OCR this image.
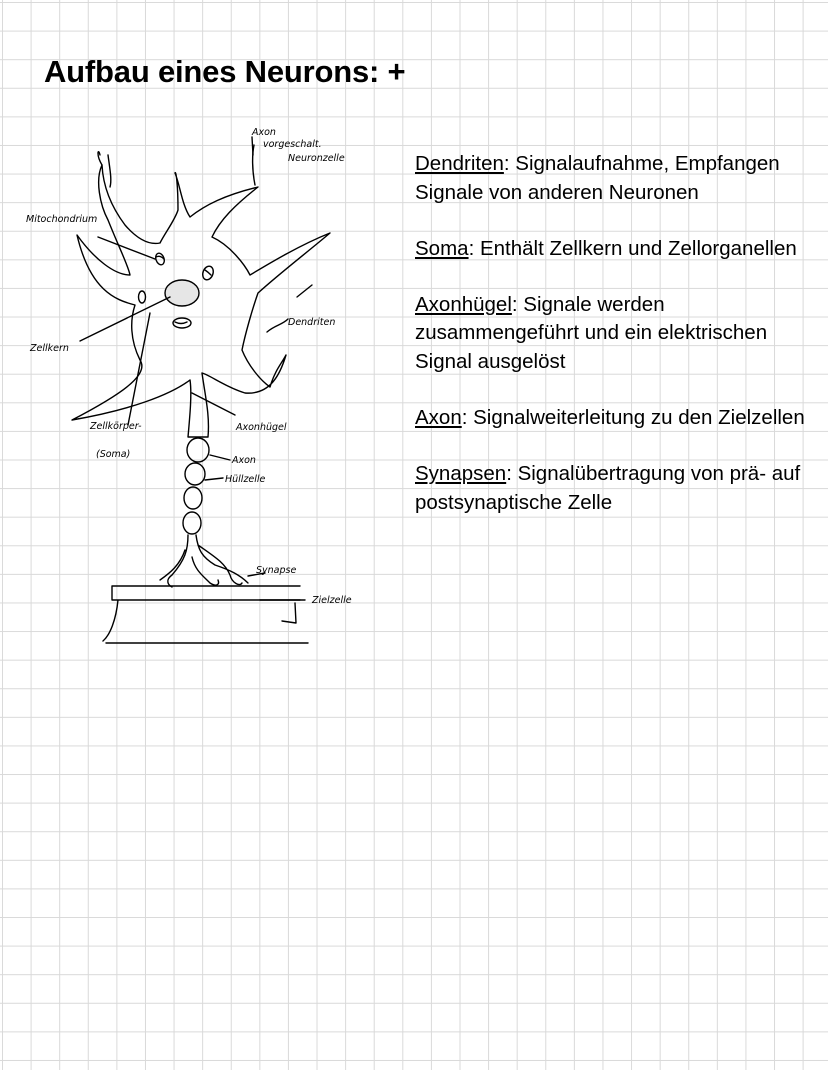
Aufbau eines Neurons: +
Axon
vorgeschalt.
Neuronzelle
Mitochondrium
Dendriten
Zellkern
Zellkörper-
(Soma)
Axonhügel
Axon
Hüllzelle
Synapse
Zielzelle

Dendriten: Signalaufnahme, Empfangen Signale von anderen Neuronen

Soma: Enthält Zellkern und Zellorganellen

Axonhügel: Signale werden zusammengeführt und ein elektrischen Signal ausgelöst

Axon: Signalweiterleitung zu den Zielzellen

Synapsen: Signalübertragung von prä- auf postsynaptische Zelle
